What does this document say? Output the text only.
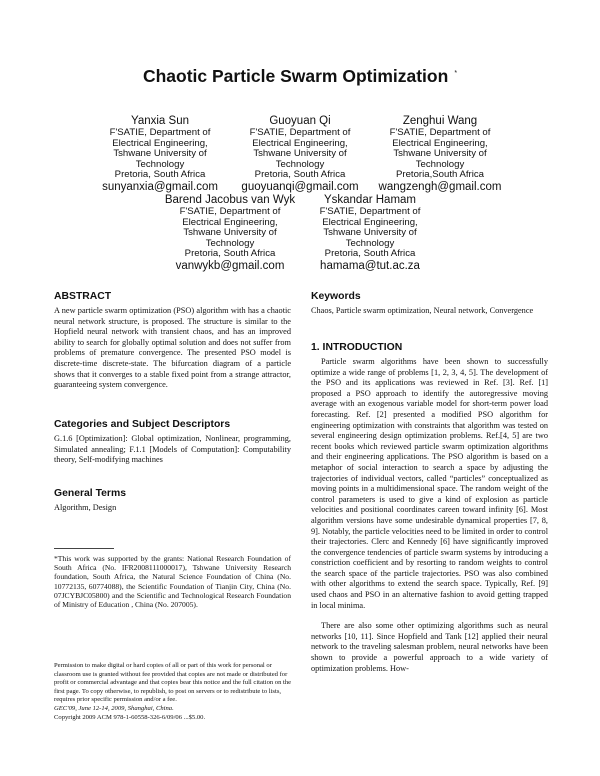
Chaotic Particle Swarm Optimization *
Yanxia Sun
F'SATIE, Department of
Electrical Engineering,
Tshwane University of
Technology
Pretoria, South Africa
sunyanxia@gmail.com
Guoyuan Qi
F'SATIE, Department of
Electrical Engineering,
Tshwane University of
Technology
Pretoria, South Africa
guoyuanqi@gmail.com
Zenghui Wang
F'SATIE, Department of
Electrical Engineering,
Tshwane University of
Technology
Pretoria,South Africa
wangzengh@gmail.com
Barend Jacobus van Wyk
F'SATIE, Department of
Electrical Engineering,
Tshwane University of
Technology
Pretoria, South Africa
vanwykb@gmail.com
Yskandar Hamam
F'SATIE, Department of
Electrical Engineering,
Tshwane University of
Technology
Pretoria, South Africa
hamama@tut.ac.za
ABSTRACT

A new particle swarm optimization (PSO) algorithm with has a chaotic neural network structure, is proposed. The structure is similar to the Hopfield neural network with transient chaos, and has an improved ability to search for globally optimal solution and does not suffer from problems of premature convergence. The presented PSO model is discrete-time discrete-state. The bifurcation diagram of a particle shows that it converges to a stable fixed point from a strange attractor, guaranteeing system convergence.

Categories and Subject Descriptors

G.1.6 [Optimization]: Global optimization, Nonlinear, programming, Simulated annealing; F.1.1 [Models of Computation]: Computability theory, Self-modifying machines

General Terms

Algorithm, Design

*This work was supported by the grants: National Research Foundation of South Africa (No. IFR2008111000017), Tshwane University Research foundation, South Africa, the Natural Science Foundation of China (No. 10772135, 60774088), the Scientific Foundation of Tianjin City, China (No. 07JCYBJC05800) and the Scientific and Technological Research Foundation of Ministry of Education , China (No. 207005).

Permission to make digital or hard copies of all or part of this work for personal or classroom use is granted without fee provided that copies are not made or distributed for profit or commercial advantage and that copies bear this notice and the full citation on the first page. To copy otherwise, to republish, to post on servers or to redistribute to lists, requires prior specific permission and/or a fee.

GEC'09, June 12-14, 2009, Shanghai, China.

Copyright 2009 ACM 978-1-60558-326-6/09/06 ...$5.00.

Keywords

Chaos, Particle swarm optimization, Neural network, Convergence

1. INTRODUCTION

Particle swarm algorithms have been shown to successfully optimize a wide range of problems [1, 2, 3, 4, 5]. The development of the PSO and its applications was reviewed in Ref. [3]. Ref. [1] proposed a PSO approach to identify the autoregressive moving average with an exogenous variable model for short-term power load forecasting. Ref. [2] presented a modified PSO algorithm for engineering optimization with constraints that algorithm was tested on several engineering design optimization problems. Ref.[4, 5] are two recent books which reviewed particle swarm optimization algorithms and their engineering applications. The PSO algorithm is based on a metaphor of social interaction to search a space by adjusting the trajectories of individual vectors, called “particles” conceptualized as moving points in a multidimensional space. The random weight of the control parameters is used to give a kind of explosion as particle velocities and positional coordinates careen toward infinity [6]. Most algorithm versions have some undesirable dynamical properties [7, 8, 9]. Notably, the particle velocities need to be limited in order to control their trajectories. Clerc and Kennedy [6] have significantly improved the convergence tendencies of particle swarm systems by introducing a constriction coefficient and by resorting to random weights to control the search space of the particle trajectories. PSO was also combined with other algorithms to extend the search space. Typically, Ref. [9] used chaos and PSO in an alternative fashion to avoid getting trapped in local minima.

There are also some other optimizing algorithms such as neural networks [10, 11]. Since Hopfield and Tank [12] applied their neural network to the traveling salesman problem, neural networks have been shown to provide a powerful approach to a wide variety of optimization problems. How-
